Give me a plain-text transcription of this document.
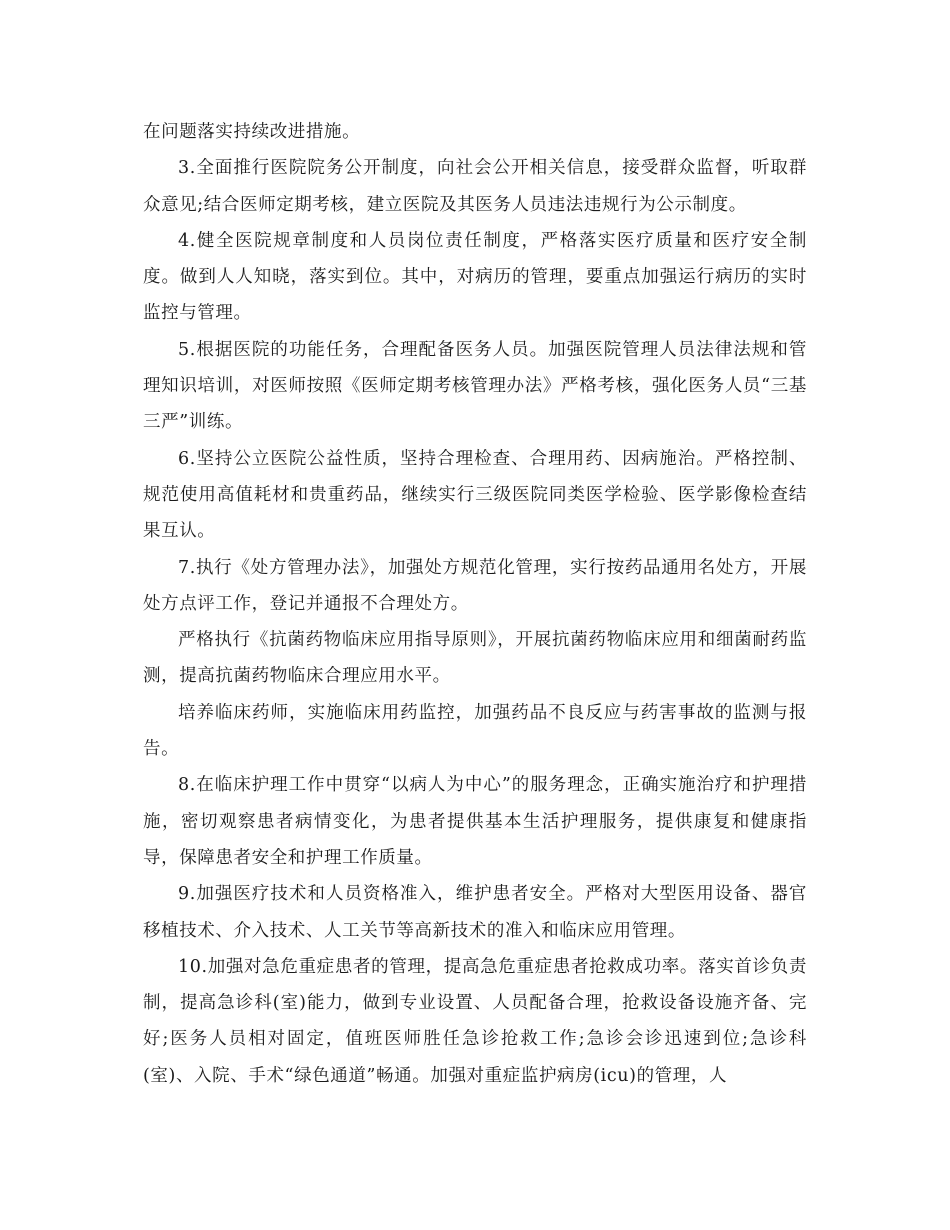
在问题落实持续改进措施。

3.全面推行医院院务公开制度，向社会公开相关信息，接受群众监督，听取群众意见;结合医师定期考核，建立医院及其医务人员违法违规行为公示制度。

4.健全医院规章制度和人员岗位责任制度，严格落实医疗质量和医疗安全制度。做到人人知晓，落实到位。其中，对病历的管理，要重点加强运行病历的实时监控与管理。

5.根据医院的功能任务，合理配备医务人员。加强医院管理人员法律法规和管理知识培训，对医师按照《医师定期考核管理办法》严格考核，强化医务人员“三基三严”训练。

6.坚持公立医院公益性质，坚持合理检查、合理用药、因病施治。严格控制、规范使用高值耗材和贵重药品，继续实行三级医院同类医学检验、医学影像检查结果互认。

7.执行《处方管理办法》，加强处方规范化管理，实行按药品通用名处方，开展处方点评工作，登记并通报不合理处方。

严格执行《抗菌药物临床应用指导原则》，开展抗菌药物临床应用和细菌耐药监测，提高抗菌药物临床合理应用水平。

培养临床药师，实施临床用药监控，加强药品不良反应与药害事故的监测与报告。

8.在临床护理工作中贯穿“以病人为中心”的服务理念，正确实施治疗和护理措施，密切观察患者病情变化，为患者提供基本生活护理服务，提供康复和健康指导，保障患者安全和护理工作质量。

9.加强医疗技术和人员资格准入，维护患者安全。严格对大型医用设备、器官移植技术、介入技术、人工关节等高新技术的准入和临床应用管理。

10.加强对急危重症患者的管理，提高急危重症患者抢救成功率。落实首诊负责制，提高急诊科(室)能力，做到专业设置、人员配备合理，抢救设备设施齐备、完好;医务人员相对固定，值班医师胜任急诊抢救工作;急诊会诊迅速到位;急诊科(室)、入院、手术“绿色通道”畅通。加强对重症监护病房(icu)的管理，人
